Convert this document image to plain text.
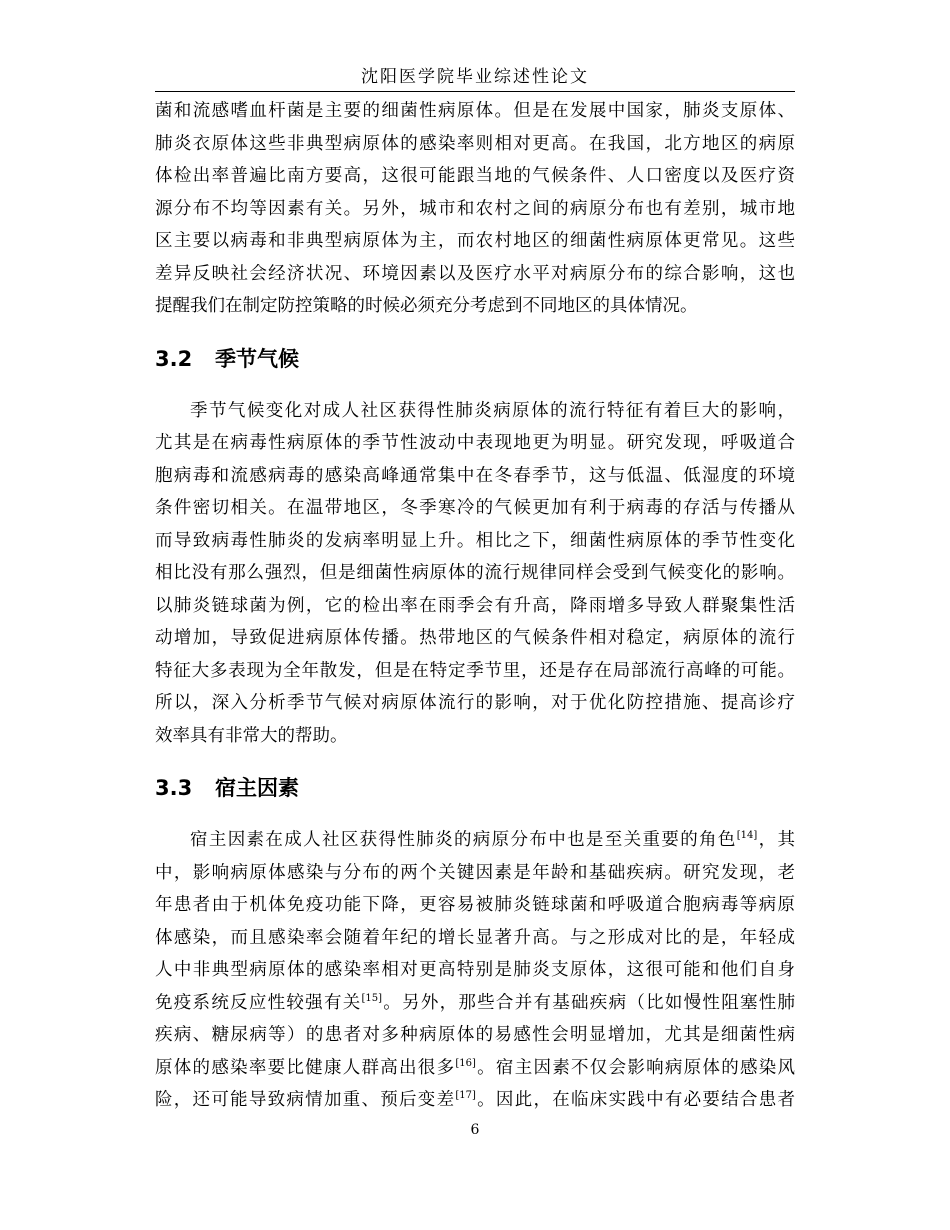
沈阳医学院毕业综述性论文

菌和流感嗜血杆菌是主要的细菌性病原体。但是在发展中国家，肺炎支原体、
肺炎衣原体这些非典型病原体的感染率则相对更高。在我国，北方地区的病原
体检出率普遍比南方要高，这很可能跟当地的气候条件、人口密度以及医疗资
源分布不均等因素有关。另外，城市和农村之间的病原分布也有差别，城市地
区主要以病毒和非典型病原体为主，而农村地区的细菌性病原体更常见。这些
差异反映社会经济状况、环境因素以及医疗水平对病原分布的综合影响，这也
提醒我们在制定防控策略的时候必须充分考虑到不同地区的具体情况。

3.2 季节气候

季节气候变化对成人社区获得性肺炎病原体的流行特征有着巨大的影响，
尤其是在病毒性病原体的季节性波动中表现地更为明显。研究发现，呼吸道合
胞病毒和流感病毒的感染高峰通常集中在冬春季节，这与低温、低湿度的环境
条件密切相关。在温带地区，冬季寒冷的气候更加有利于病毒的存活与传播从
而导致病毒性肺炎的发病率明显上升。相比之下，细菌性病原体的季节性变化
相比没有那么强烈，但是细菌性病原体的流行规律同样会受到气候变化的影响。
以肺炎链球菌为例，它的检出率在雨季会有升高，降雨增多导致人群聚集性活
动增加，导致促进病原体传播。热带地区的气候条件相对稳定，病原体的流行
特征大多表现为全年散发，但是在特定季节里，还是存在局部流行高峰的可能。
所以，深入分析季节气候对病原体流行的影响，对于优化防控措施、提高诊疗
效率具有非常大的帮助。

3.3 宿主因素

宿主因素在成人社区获得性肺炎的病原分布中也是至关重要的角色[14]，其
中，影响病原体感染与分布的两个关键因素是年龄和基础疾病。研究发现，老
年患者由于机体免疫功能下降，更容易被肺炎链球菌和呼吸道合胞病毒等病原
体感染，而且感染率会随着年纪的增长显著升高。与之形成对比的是，年轻成
人中非典型病原体的感染率相对更高特别是肺炎支原体，这很可能和他们自身
免疫系统反应性较强有关[15]。另外，那些合并有基础疾病（比如慢性阻塞性肺
疾病、糖尿病等）的患者对多种病原体的易感性会明显增加，尤其是细菌性病
原体的感染率要比健康人群高出很多[16]。宿主因素不仅会影响病原体的感染风
险，还可能导致病情加重、预后变差[17]。因此，在临床实践中有必要结合患者

6
